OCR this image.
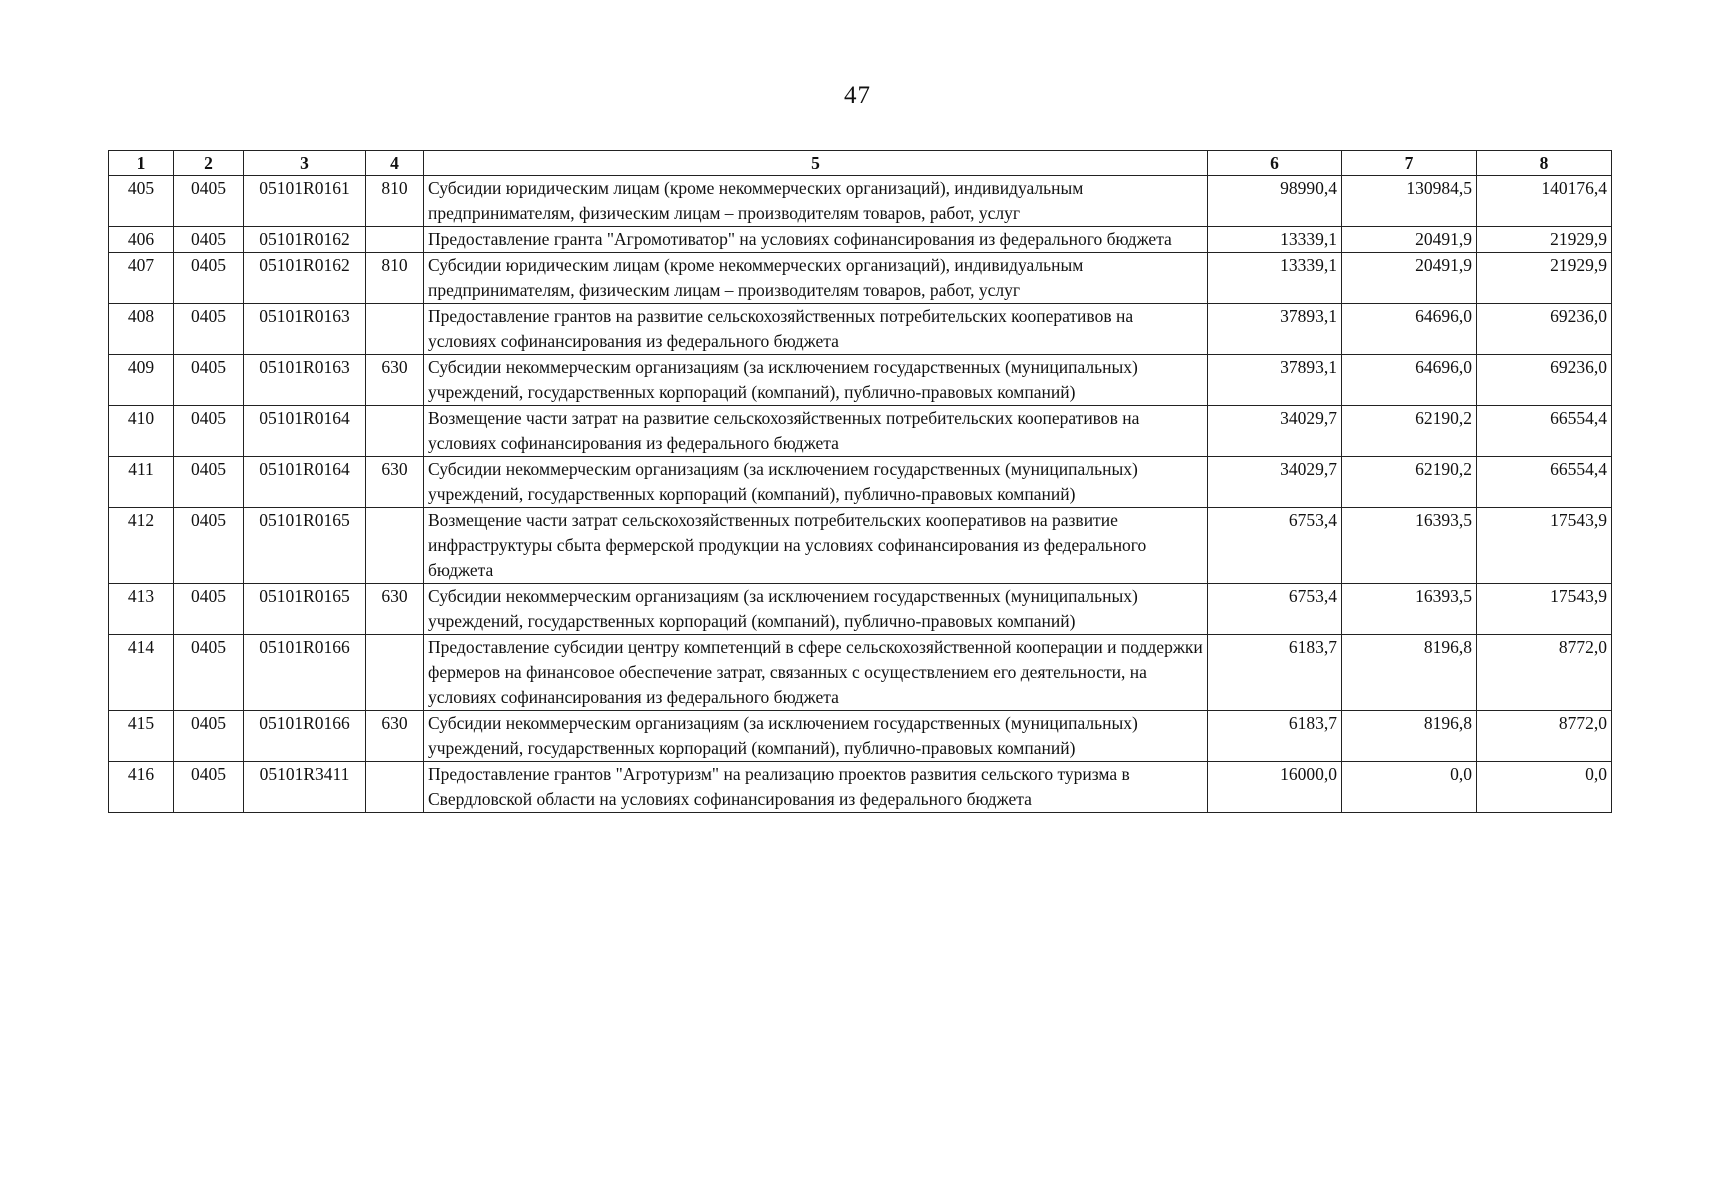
47
1	2	3	4	5	6	7	8
405	0405	05101R0161	810	Субсидии юридическим лицам (кроме некоммерческих организаций), индивидуальным предпринимателям, физическим лицам – производителям товаров, работ, услуг	98990,4	130984,5	140176,4
406	0405	05101R0162		Предоставление гранта "Агромотиватор" на условиях софинансирования из федерального бюджета	13339,1	20491,9	21929,9
407	0405	05101R0162	810	Субсидии юридическим лицам (кроме некоммерческих организаций), индивидуальным предпринимателям, физическим лицам – производителям товаров, работ, услуг	13339,1	20491,9	21929,9
408	0405	05101R0163		Предоставление грантов на развитие сельскохозяйственных потребительских кооперативов на условиях софинансирования из федерального бюджета	37893,1	64696,0	69236,0
409	0405	05101R0163	630	Субсидии некоммерческим организациям (за исключением государственных (муниципальных) учреждений, государственных корпораций (компаний), публично-правовых компаний)	37893,1	64696,0	69236,0
410	0405	05101R0164		Возмещение части затрат на развитие сельскохозяйственных потребительских кооперативов на условиях софинансирования из федерального бюджета	34029,7	62190,2	66554,4
411	0405	05101R0164	630	Субсидии некоммерческим организациям (за исключением государственных (муниципальных) учреждений, государственных корпораций (компаний), публично-правовых компаний)	34029,7	62190,2	66554,4
412	0405	05101R0165		Возмещение части затрат сельскохозяйственных потребительских кооперативов на развитие инфраструктуры сбыта фермерской продукции на условиях софинансирования из федерального бюджета	6753,4	16393,5	17543,9
413	0405	05101R0165	630	Субсидии некоммерческим организациям (за исключением государственных (муниципальных) учреждений, государственных корпораций (компаний), публично-правовых компаний)	6753,4	16393,5	17543,9
414	0405	05101R0166		Предоставление субсидии центру компетенций в сфере сельскохозяйственной кооперации и поддержки фермеров на финансовое обеспечение затрат, связанных с осуществлением его деятельности, на условиях софинансирования из федерального бюджета	6183,7	8196,8	8772,0
415	0405	05101R0166	630	Субсидии некоммерческим организациям (за исключением государственных (муниципальных) учреждений, государственных корпораций (компаний), публично-правовых компаний)	6183,7	8196,8	8772,0
416	0405	05101R3411		Предоставление грантов "Агротуризм" на реализацию проектов развития сельского туризма в Свердловской области на условиях софинансирования из федерального бюджета	16000,0	0,0	0,0
